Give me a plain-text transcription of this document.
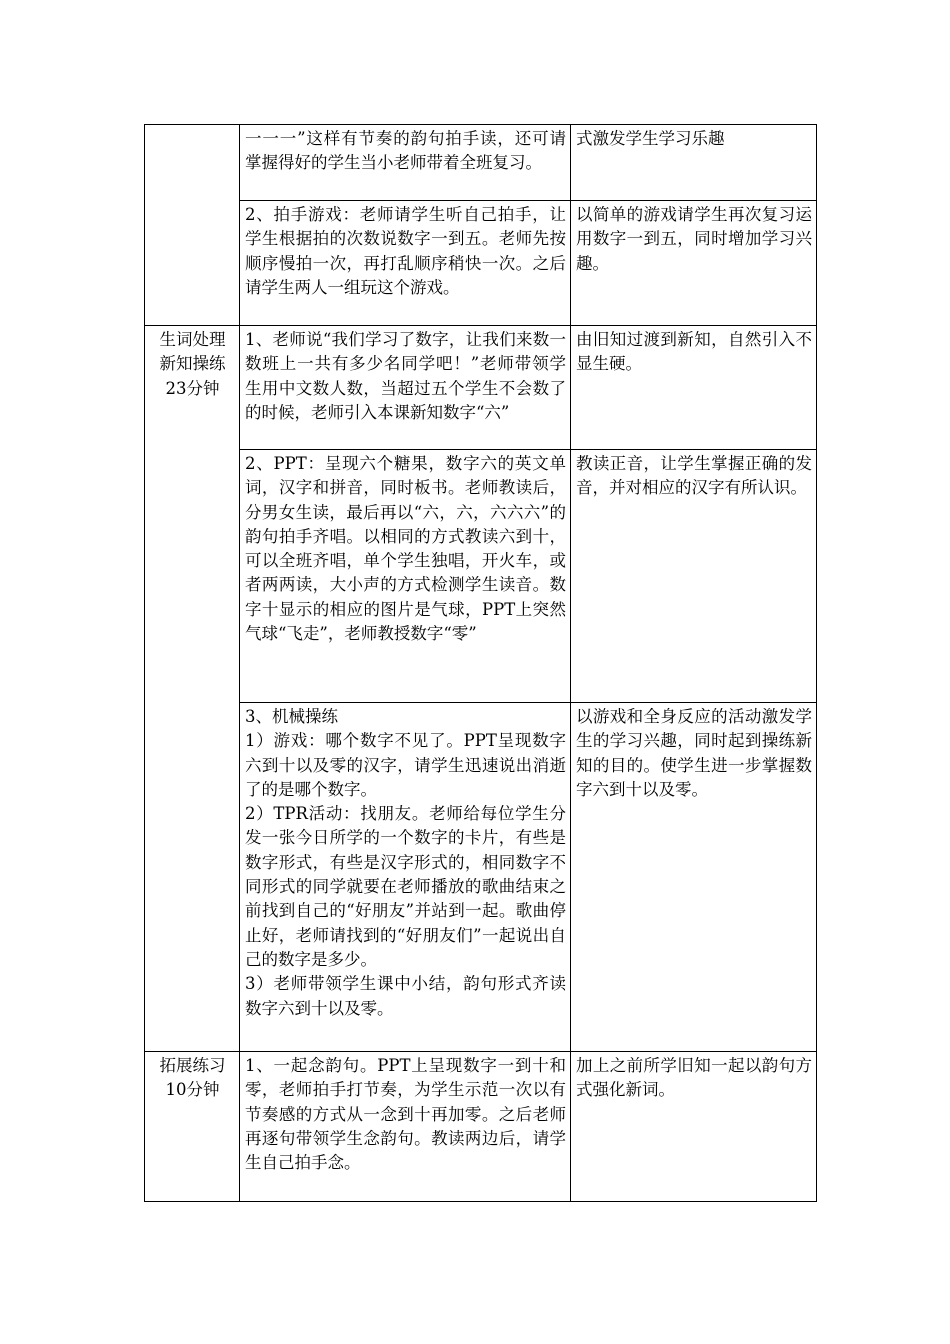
	一一一”这样有节奏的韵句拍手读，还可请掌握得好的学生当小老师带着全班复习。	式激发学生学习乐趣

	2、拍手游戏：老师请学生听自己拍手，让学生根据拍的次数说数字一到五。老师先按顺序慢拍一次，再打乱顺序稍快一次。之后请学生两人一组玩这个游戏。	以简单的游戏请学生再次复习运用数字一到五，同时增加学习兴趣。

生词处理
新知操练
23分钟	1、老师说“我们学习了数字，让我们来数一数班上一共有多少名同学吧！”老师带领学生用中文数人数，当超过五个学生不会数了的时候，老师引入本课新知数字“六”	由旧知过渡到新知，自然引入不显生硬。

	2、PPT：呈现六个糖果，数字六的英文单词，汉字和拼音，同时板书。老师教读后，分男女生读，最后再以“六，六，六六六”的韵句拍手齐唱。以相同的方式教读六到十，可以全班齐唱，单个学生独唱，开火车，或者两两读，大小声的方式检测学生读音。数字十显示的相应的图片是气球，PPT上突然气球“飞走”，老师教授数字“零”	教读正音，让学生掌握正确的发音，并对相应的汉字有所认识。

	3、机械操练
1）游戏：哪个数字不见了。PPT呈现数字六到十以及零的汉字，请学生迅速说出消逝了的是哪个数字。
2）TPR活动：找朋友。老师给每位学生分发一张今日所学的一个数字的卡片，有些是数字形式，有些是汉字形式的，相同数字不同形式的同学就要在老师播放的歌曲结束之前找到自己的“好朋友”并站到一起。歌曲停止好，老师请找到的“好朋友们”一起说出自己的数字是多少。
3）老师带领学生课中小结，韵句形式齐读数字六到十以及零。	以游戏和全身反应的活动激发学生的学习兴趣，同时起到操练新知的目的。使学生进一步掌握数字六到十以及零。

拓展练习
10分钟	1、一起念韵句。PPT上呈现数字一到十和零，老师拍手打节奏，为学生示范一次以有节奏感的方式从一念到十再加零。之后老师再逐句带领学生念韵句。教读两边后，请学生自己拍手念。	加上之前所学旧知一起以韵句方式强化新词。
